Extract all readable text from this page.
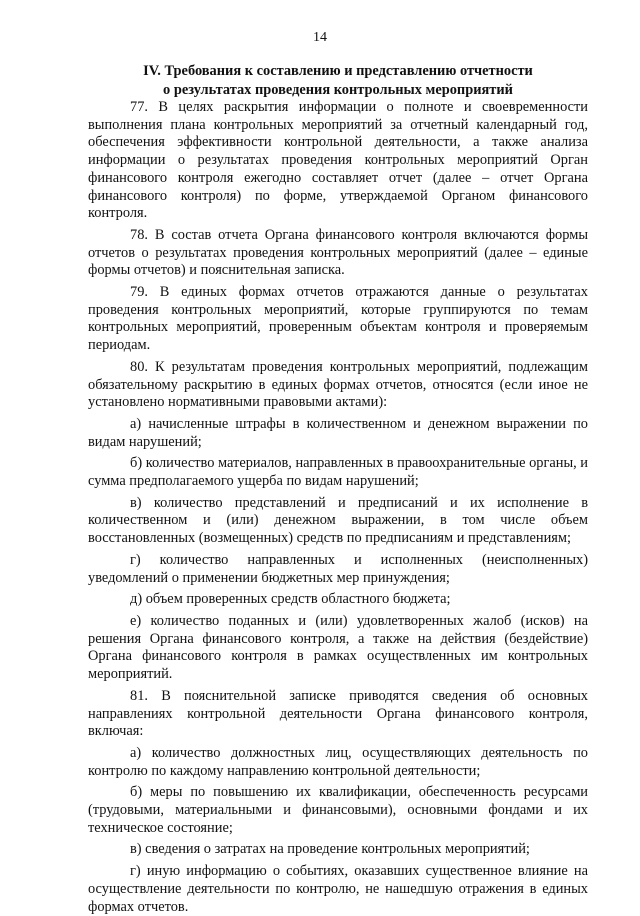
14
IV. Требования к составлению и представлению отчетности
о результатах проведения контрольных мероприятий

77. В целях раскрытия информации о полноте и своевременности выполнения плана контрольных мероприятий за отчетный календарный год, обеспечения эффективности контрольной деятельности, а также анализа информации о результатах проведения контрольных мероприятий Орган финансового контроля ежегодно составляет отчет (далее – отчет Органа финансового контроля) по форме, утверждаемой Органом финансового контроля.

78. В состав отчета Органа финансового контроля включаются формы отчетов о результатах проведения контрольных мероприятий (далее – единые формы отчетов) и пояснительная записка.

79. В единых формах отчетов отражаются данные о результатах проведения контрольных мероприятий, которые группируются по темам контрольных мероприятий, проверенным объектам контроля и проверяемым периодам.

80. К результатам проведения контрольных мероприятий, подлежащим обязательному раскрытию в единых формах отчетов, относятся (если иное не установлено нормативными правовыми актами):

а) начисленные штрафы в количественном и денежном выражении по видам нарушений;

б) количество материалов, направленных в правоохранительные органы, и сумма предполагаемого ущерба по видам нарушений;

в) количество представлений и предписаний и их исполнение в количественном и (или) денежном выражении, в том числе объем восстановленных (возмещенных) средств по предписаниям и представлениям;

г) количество направленных и исполненных (неисполненных) уведомлений о применении бюджетных мер принуждения;

д) объем проверенных средств областного бюджета;

е) количество поданных и (или) удовлетворенных жалоб (исков) на решения Органа финансового контроля, а также на действия (бездействие) Органа финансового контроля в рамках осуществленных им контрольных мероприятий.

81. В пояснительной записке приводятся сведения об основных направлениях контрольной деятельности Органа финансового контроля, включая:

а) количество должностных лиц, осуществляющих деятельность по контролю по каждому направлению контрольной деятельности;

б) меры по повышению их квалификации, обеспеченность ресурсами (трудовыми, материальными и финансовыми), основными фондами и их техническое состояние;

в) сведения о затратах на проведение контрольных мероприятий;

г) иную информацию о событиях, оказавших существенное влияние на осуществление деятельности по контролю, не нашедшую отражения в единых формах отчетов.
